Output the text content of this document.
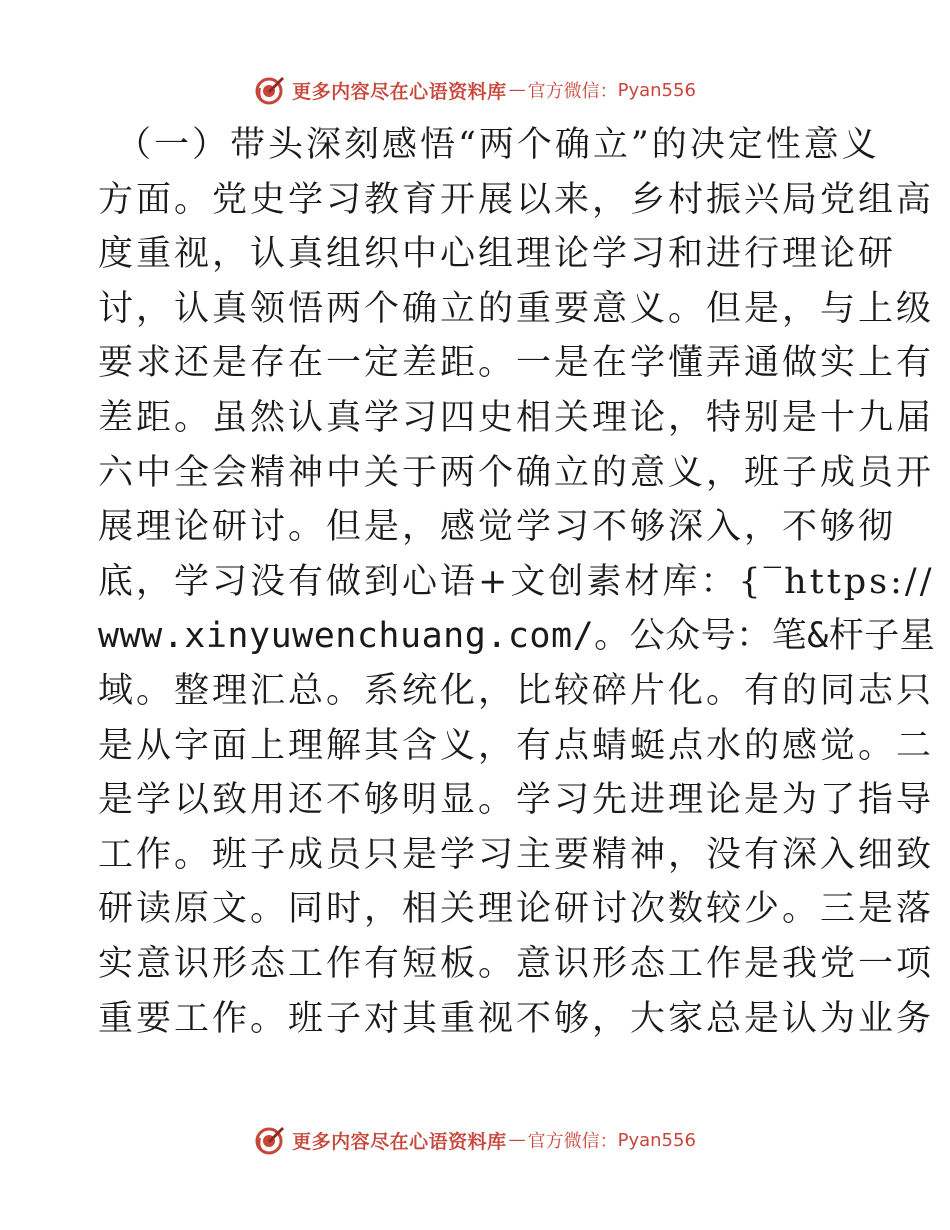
更多内容尽在心语资料库 — 官方微信： Pyan556
（一）带头深刻感悟“两个确立”的决定性意义
方面。党史学习教育开展以来，乡村振兴局党组高
度重视，认真组织中心组理论学习和进行理论研
讨，认真领悟两个确立的重要意义。但是，与上级
要求还是存在一定差距。一是在学懂弄通做实上有
差距。虽然认真学习四史相关理论，特别是十九届
六中全会精神中关于两个确立的意义，班子成员开
展理论研讨。但是，感觉学习不够深入，不够彻
底，学习没有做到心语+文创素材库：{‾https://
www.xinyuwenchuang.com/。公众号：笔&杆子星
域。整理汇总。系统化，比较碎片化。有的同志只
是从字面上理解其含义，有点蜻蜓点水的感觉。二
是学以致用还不够明显。学习先进理论是为了指导
工作。班子成员只是学习主要精神，没有深入细致
研读原文。同时，相关理论研讨次数较少。三是落
实意识形态工作有短板。意识形态工作是我党一项
重要工作。班子对其重视不够，大家总是认为业务
更多内容尽在心语资料库 — 官方微信： Pyan556
